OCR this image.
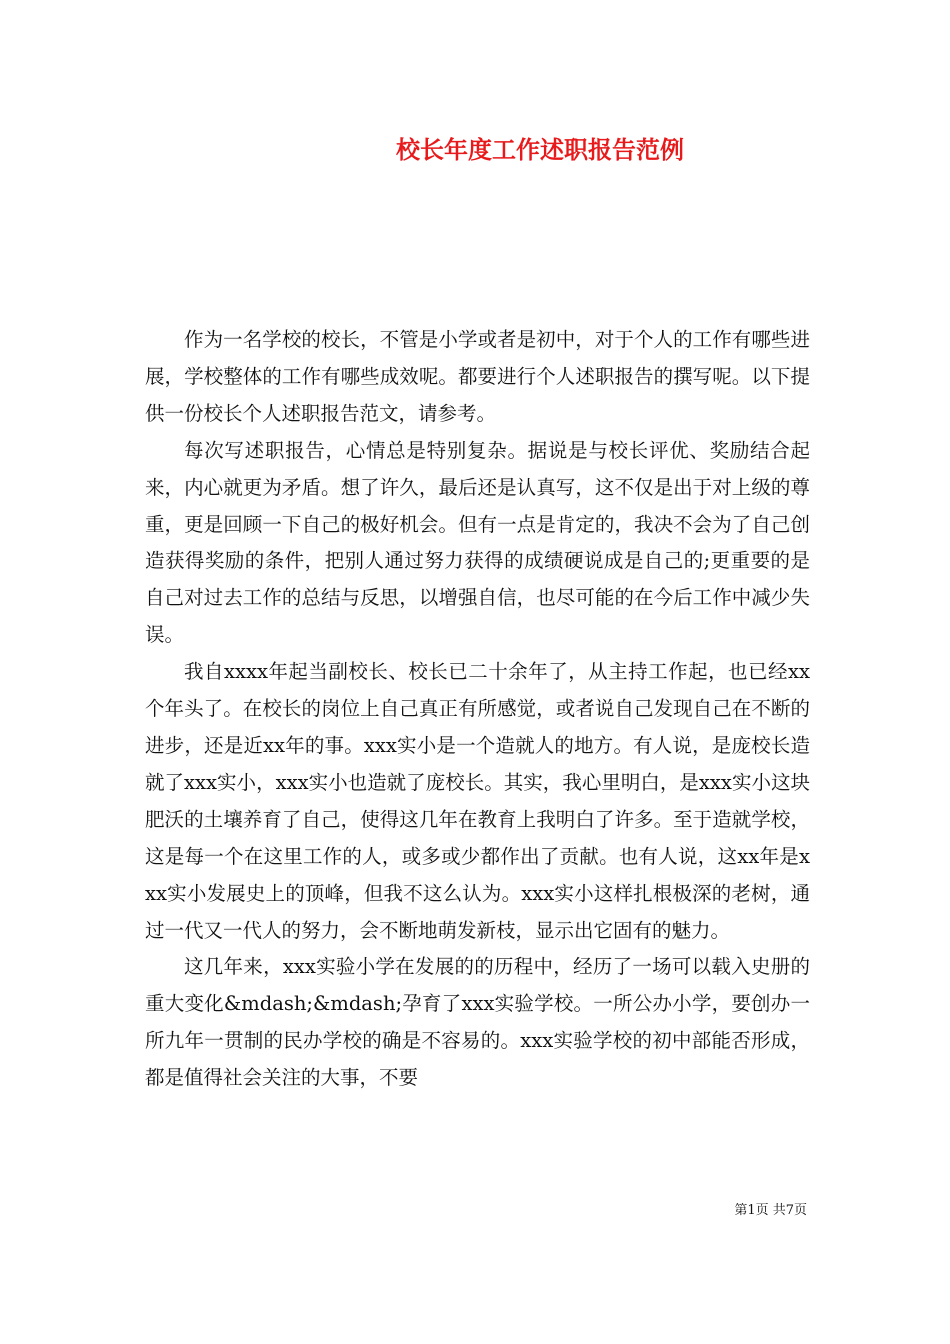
校长年度工作述职报告范例

作为一名学校的校长，不管是小学或者是初中，对于个人的工作有哪些进展，学校整体的工作有哪些成效呢。都要进行个人述职报告的撰写呢。以下提供一份校长个人述职报告范文，请参考。

每次写述职报告，心情总是特别复杂。据说是与校长评优、奖励结合起来，内心就更为矛盾。想了许久，最后还是认真写，这不仅是出于对上级的尊重，更是回顾一下自己的极好机会。但有一点是肯定的，我决不会为了自己创造获得奖励的条件，把别人通过努力获得的成绩硬说成是自己的;更重要的是自己对过去工作的总结与反思，以增强自信，也尽可能的在今后工作中减少失误。

我自xxxx年起当副校长、校长已二十余年了，从主持工作起，也已经xx个年头了。在校长的岗位上自己真正有所感觉，或者说自己发现自己在不断的进步，还是近xx年的事。xxx实小是一个造就人的地方。有人说，是庞校长造就了xxx实小，xxx实小也造就了庞校长。其实，我心里明白，是xxx实小这块肥沃的土壤养育了自己，使得这几年在教育上我明白了许多。至于造就学校，这是每一个在这里工作的人，或多或少都作出了贡献。也有人说，这xx年是xxx实小发展史上的顶峰，但我不这么认为。xxx实小这样扎根极深的老树，通过一代又一代人的努力，会不断地萌发新枝，显示出它固有的魅力。

这几年来，xxx实验小学在发展的的历程中，经历了一场可以载入史册的重大变化&mdash;&mdash;孕育了xxx实验学校。一所公办小学，要创办一所九年一贯制的民办学校的确是不容易的。xxx实验学校的初中部能否形成，都是值得社会关注的大事，不要

第1页 共7页
